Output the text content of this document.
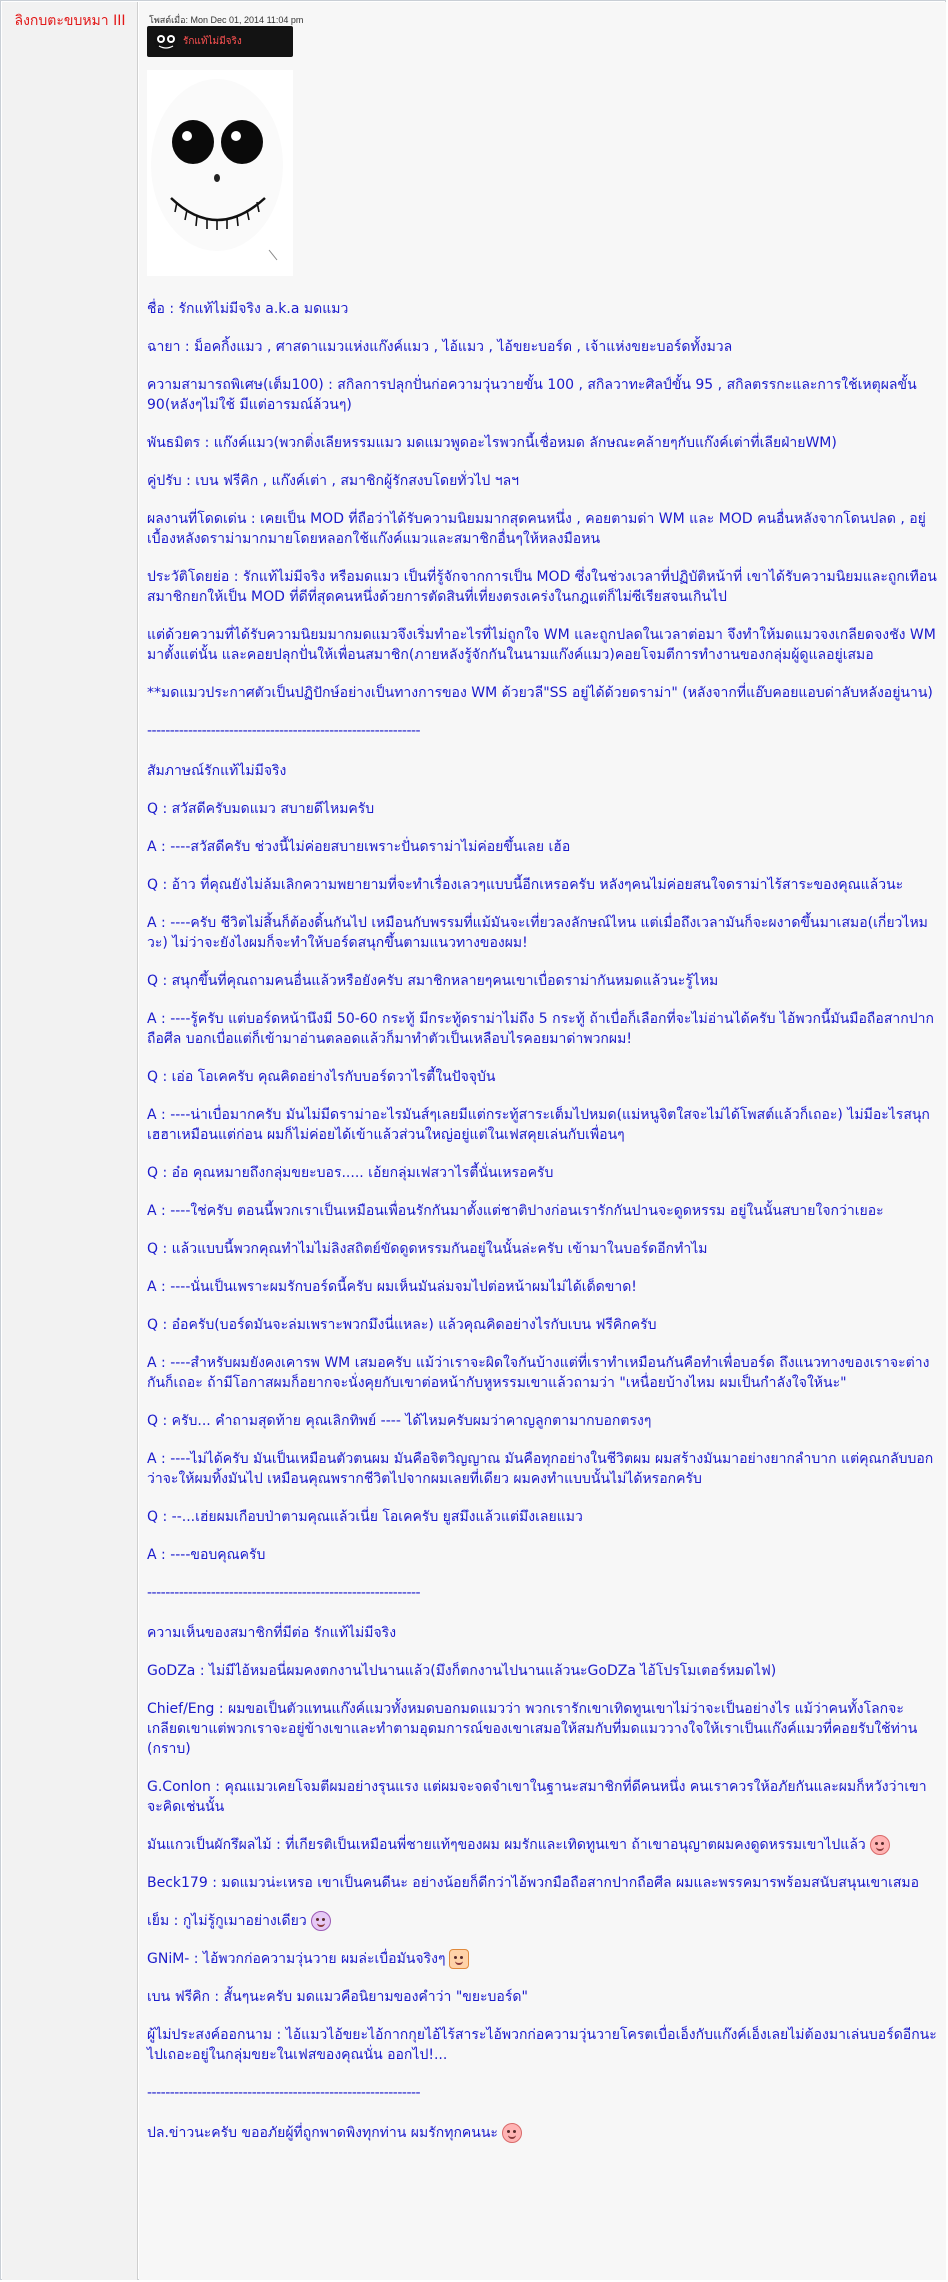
ลิงกบตะขบหมา III	โพสต์เมื่อ: Mon Dec 01, 2014 11:04 pm
รักแท้ไม่มีจริง

ชื่อ : รักแท้ไม่มีจริง a.k.a มดแมว

ฉายา : ม็อคกิ้งแมว , ศาสดาแมวแห่งแก๊งค์แมว , ไอ้แมว , ไอ้ขยะบอร์ด , เจ้าแห่งขยะบอร์ดทั้งมวล

ความสามารถพิเศษ(เต็ม100) : สกิลการปลุกปั่นก่อความวุ่นวายขั้น 100 , สกิลวาทะศิลป์ขั้น 95 , สกิลตรรกะและการใช้เหตุผลขั้น 90(หลังๆไม่ใช้ มีแต่อารมณ์ล้วนๆ)

พันธมิตร : แก๊งค์แมว(พวกติ่งเลียหรรมแมว มดแมวพูดอะไรพวกนี้เชื่อหมด ลักษณะคล้ายๆกับแก๊งค์เต่าที่เลียฝ่ายWM)

คู่ปรับ : เบน ฟรีคิก , แก๊งค์เต่า , สมาชิกผู้รักสงบโดยทั่วไป ฯลฯ

ผลงานที่โดดเด่น : เคยเป็น MOD ที่ถือว่าได้รับความนิยมมากสุดคนหนึ่ง , คอยตามด่า WM และ MOD คนอื่นหลังจากโดนปลด , อยู่เบื้องหลังดราม่ามากมายโดยหลอกใช้แก๊งค์แมวและสมาชิกอื่นๆให้หลงมือหน

ประวัติโดยย่อ : รักแท้ไม่มีจริง หรือมดแมว เป็นที่รู้จักจากการเป็น MOD ซึ่งในช่วงเวลาที่ปฏิบัติหน้าที่ เขาได้รับความนิยมและถูกเทือนสมาชิกยกให้เป็น MOD ที่ดีที่สุดคนหนึ่งด้วยการตัดสินที่เที่ยงตรงเคร่งในกฎแต่ก็ไม่ซีเรียสจนเกินไป

แต่ด้วยความที่ได้รับความนิยมมากมดแมวจึงเริ่มทำอะไรที่ไม่ถูกใจ WM และถูกปลดในเวลาต่อมา จึงทำให้มดแมวจงเกลียดจงชัง WM มาตั้งแต่นั้น และคอยปลุกปั่นให้เพื่อนสมาชิก(ภายหลังรู้จักกันในนามแก๊งค์แมว)คอยโจมตีการทำงานของกลุ่มผู้ดูแลอยู่เสมอ

**มดแมวประกาศตัวเป็นปฏิปักษ์อย่างเป็นทางการของ WM ด้วยวลี"SS อยู่ได้ด้วยดราม่า" (หลังจากที่แอ๊บคอยแอบด่าลับหลังอยู่นาน)

------------------------------------------------------------

สัมภาษณ์รักแท้ไม่มีจริง

Q : สวัสดีครับมดแมว สบายดีไหมครับ

A : ----สวัสดีครับ ช่วงนี้ไม่ค่อยสบายเพราะปั่นดราม่าไม่ค่อยขึ้นเลย เฮ้อ

Q : อ้าว ที่คุณยังไม่ล้มเลิกความพยายามที่จะทำเรื่องเลวๆแบบนี้อีกเหรอครับ หลังๆคนไม่ค่อยสนใจดราม่าไร้สาระของคุณแล้วนะ

A : ----ครับ ชีวิตไม่สิ้นก็ต้องดิ้นกันไป เหมือนกับพรรมที่แม้มันจะเที่ยวลงลักษณ์ไหน แต่เมื่อถึงเวลามันก็จะผงาดขึ้นมาเสมอ(เกี่ยวไหมวะ) ไม่ว่าจะยังไงผมก็จะทำให้บอร์ดสนุกขึ้นตามแนวทางของผม!

Q : สนุกขึ้นที่คุณถามคนอื่นแล้วหรือยังครับ สมาชิกหลายๆคนเขาเบื่อดราม่ากันหมดแล้วนะรู้ไหม

A : ----รู้ครับ แต่บอร์ดหน้านึงมี 50-60 กระทู้ มีกระทู้ดราม่าไม่ถึง 5 กระทู้ ถ้าเบื่อก็เลือกที่จะไม่อ่านได้ครับ ไอ้พวกนี้มันมือถือสากปากถือศีล บอกเบื่อแต่ก็เข้ามาอ่านตลอดแล้วก็มาทำตัวเป็นเหลือบไรคอยมาด่าพวกผม!

Q : เอ่อ โอเคครับ คุณคิดอย่างไรกับบอร์ดวาไรตี้ในปัจจุบัน

A : ----น่าเบื่อมากครับ มันไม่มีดราม่าอะไรมันส์ๆเลยมีแต่กระทู้สาระเต็มไปหมด(แม่หนูจิตใสจะไม่ได้โพสต์แล้วก็เถอะ) ไม่มีอะไรสนุกเฮฮาเหมือนแต่ก่อน ผมก็ไม่ค่อยได้เข้าแล้วส่วนใหญ่อยู่แต่ในเฟสคุยเล่นกับเพื่อนๆ

Q : อ๋อ คุณหมายถึงกลุ่มขยะบอร..... เอ้ยกลุ่มเฟสวาไรตี้นั่นเหรอครับ

A : ----ใช่ครับ ตอนนี้พวกเราเป็นเหมือนเพื่อนรักกันมาตั้งแต่ชาติปางก่อนเรารักกันปานจะดูดหรรม อยู่ในนั้นสบายใจกว่าเยอะ

Q : แล้วแบบนี้พวกคุณทำไมไม่ลิงสถิตย์ขัดดูดหรรมกันอยู่ในนั้นล่ะครับ เข้ามาในบอร์ดอีกทำไม

A : ----นั่นเป็นเพราะผมรักบอร์ดนี้ครับ ผมเห็นมันล่มจมไปต่อหน้าผมไม่ได้เด็ดขาด!

Q : อ๋อครับ(บอร์ดมันจะล่มเพราะพวกมึงนี่แหละ) แล้วคุณคิดอย่างไรกับเบน ฟรีคิกครับ

A : ----สำหรับผมยังคงเคารพ WM เสมอครับ แม้ว่าเราจะผิดใจกันบ้างแต่ที่เราทำเหมือนกันคือทำเพื่อบอร์ด ถึงแนวทางของเราจะต่างกันก็เถอะ ถ้ามีโอกาสผมก็อยากจะนั่งคุยกับเขาต่อหน้ากับหูหรรมเขาแล้วถามว่า "เหนื่อยบ้างไหม ผมเป็นกำลังใจให้นะ"

Q : ครับ... คำถามสุดท้าย คุณเลิกทิพย์ ---- ได้ไหมครับผมว่าคาญลูกตามากบอกตรงๆ

A : ----ไม่ได้ครับ มันเป็นเหมือนตัวตนผม มันคือจิตวิญญาณ มันคือทุกอย่างในชีวิตผม ผมสร้างมันมาอย่างยากลำบาก แต่คุณกลับบอกว่าจะให้ผมทิ้งมันไป เหมือนคุณพรากชีวิตไปจากผมเลยที่เดียว ผมคงทำแบบนั้นไม่ได้หรอกครับ

Q : --...เฮ่ยผมเกือบป่าตามคุณแล้วเนี่ย โอเคครับ ยูสมึงแล้วแต่มึงเลยแมว

A : ----ขอบคุณครับ

------------------------------------------------------------

ความเห็นของสมาชิกที่มีต่อ รักแท้ไม่มีจริง

GoDZa : ไม่มีไอ้หมอนี่ผมคงตกงานไปนานแล้ว(มึงก็ตกงานไปนานแล้วนะGoDZa ไอ้โปรโมเตอร์หมดไฟ)

Chief/Eng : ผมขอเป็นตัวแทนแก๊งค์แมวทั้งหมดบอกมดแมวว่า พวกเรารักเขาเทิดทูนเขาไม่ว่าจะเป็นอย่างไร แม้ว่าคนทั้งโลกจะเกลียดเขาแต่พวกเราจะอยู่ข้างเขาและทำตามอุดมการณ์ของเขาเสมอให้สมกับที่มดแมววางใจให้เราเป็นแก๊งค์แมวที่คอยรับใช้ท่าน (กราบ)

G.Conlon : คุณแมวเคยโจมตีผมอย่างรุนแรง แต่ผมจะจดจำเขาในฐานะสมาชิกที่ดีคนหนึ่ง คนเราควรให้อภัยกันและผมก็หวังว่าเขาจะคิดเช่นนั้น

มันแกวเป็นผักรึผลไม้ : ที่เกียรติเป็นเหมือนพี่ชายแท้ๆของผม ผมรักและเทิดทูนเขา ถ้าเขาอนุญาตผมคงดูดหรรมเขาไปแล้ว

Beck179 : มดแมวน่ะเหรอ เขาเป็นคนดีนะ อย่างน้อยก็ดีกว่าไอ้พวกมือถือสากปากถือศีล ผมและพรรคมารพร้อมสนับสนุนเขาเสมอ

เย็ม : กูไม่รู้กูเมาอย่างเดียว

GNiM- : ไอ้พวกก่อความวุ่นวาย ผมล่ะเบื่อมันจริงๆ

เบน ฟรีคิก : สั้นๆนะครับ มดแมวคือนิยามของคำว่า "ขยะบอร์ด"

ผู้ไม่ประสงค์ออกนาม : ไอ้แมวไอ้ขยะไอ้กากกุยไอ้ไร้สาระไอ้พวกก่อความวุ่นวายโครตเบื่อเอ็งกับแก๊งค์เอ็งเลยไม่ต้องมาเล่นบอร์ดอีกนะไปเถอะอยู่ในกลุ่มขยะในเฟสของคุณนั่น ออกไป!...

------------------------------------------------------------

ปล.ข่าวนะครับ ขออภัยผู้ที่ถูกพาดพิงทุกท่าน ผมรักทุกคนนะ
